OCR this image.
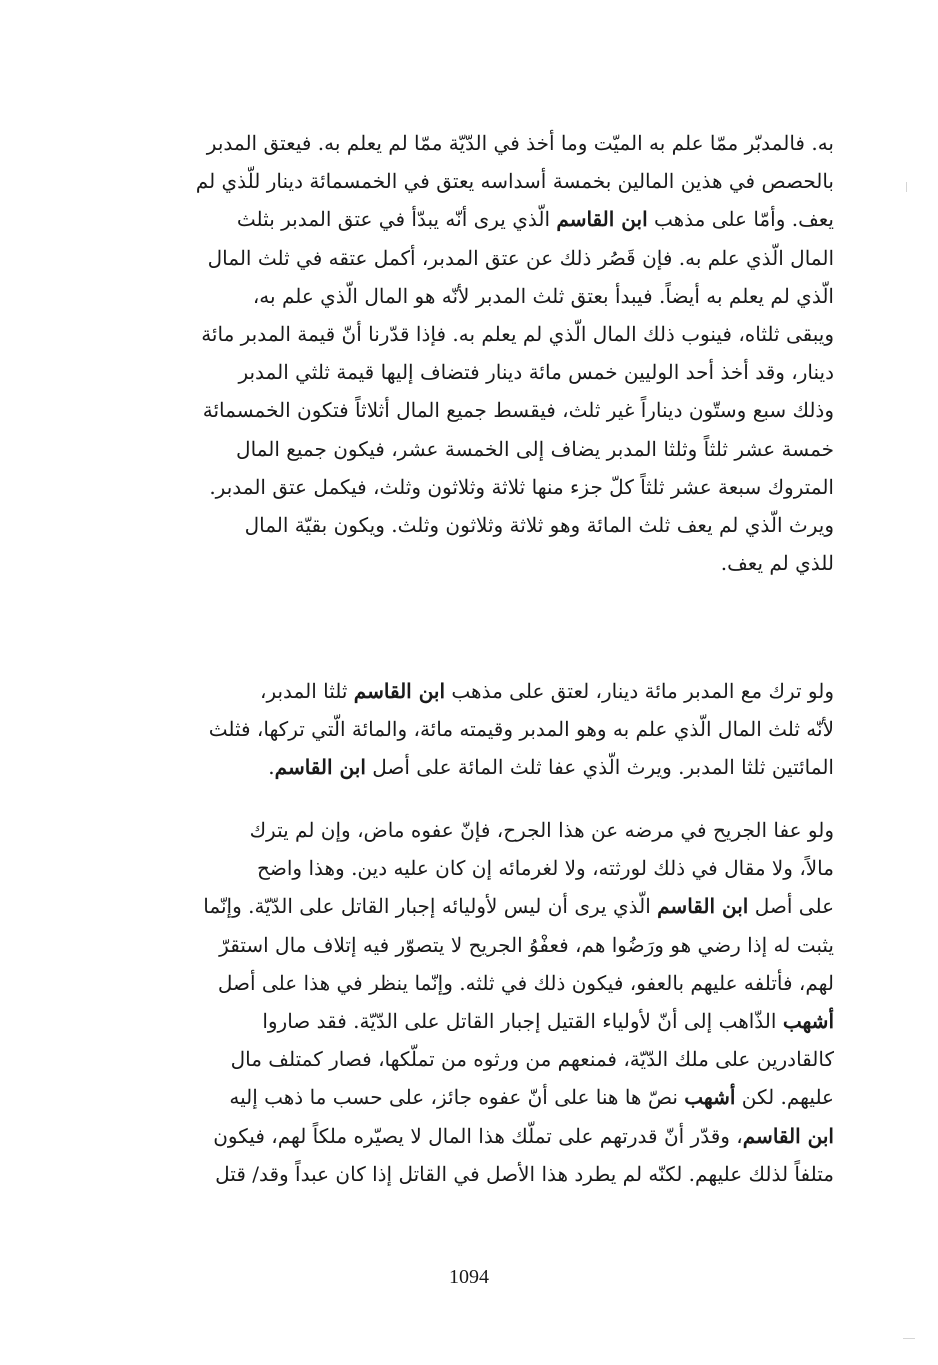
به. فالمدبّر ممّا علم به الميّت وما أخذ في الدّيّة ممّا لم يعلم به. فيعتق المدبر
بالحصص في هذين المالين بخمسة أسداسه يعتق في الخمسمائة دينار للّذي لم
يعف. وأمّا على مذهب ابن القاسم الّذي يرى أنّه يبدّأ في عتق المدبر بثلث
المال الّذي علم به. فإن قَصُر ذلك عن عتق المدبر، أكمل عتقه في ثلث المال
الّذي لم يعلم به أيضاً. فيبدأ بعتق ثلث المدبر لأنّه هو المال الّذي علم به،
ويبقى ثلثاه، فينوب ذلك المال الّذي لم يعلم به. فإذا قدّرنا أنّ قيمة المدبر مائة
دينار، وقد أخذ أحد الوليين خمس مائة دينار فتضاف إليها قيمة ثلثي المدبر
وذلك سبع وستّون ديناراً غير ثلث، فيقسط جميع المال أثلاثاً فتكون الخمسمائة
خمسة عشر ثلثاً وثلثا المدبر يضاف إلى الخمسة عشر، فيكون جميع المال
المتروك سبعة عشر ثلثاً كلّ جزء منها ثلاثة وثلاثون وثلث، فيكمل عتق المدبر.
ويرث الّذي لم يعف ثلث المائة وهو ثلاثة وثلاثون وثلث. ويكون بقيّة المال
للذي لم يعف.

ولو ترك مع المدبر مائة دينار، لعتق على مذهب ابن القاسم ثلثا المدبر،
لأنّه ثلث المال الّذي علم به وهو المدبر وقيمته مائة، والمائة الّتي تركها، فثلث
المائتين ثلثا المدبر. ويرث الّذي عفا ثلث المائة على أصل ابن القاسم.

ولو عفا الجريح في مرضه عن هذا الجرح، فإنّ عفوه ماض، وإن لم يترك
مالاً، ولا مقال في ذلك لورثته، ولا لغرمائه إن كان عليه دين. وهذا واضح
على أصل ابن القاسم الّذي يرى أن ليس لأوليائه إجبار القاتل على الدّيّة. وإنّما
يثبت له إذا رضي هو ورَضُوا هم، فعفْوُ الجريح لا يتصوّر فيه إتلاف مال استقرّ
لهم، فأتلفه عليهم بالعفو، فيكون ذلك في ثلثه. وإنّما ينظر في هذا على أصل
أشهب الذّاهب إلى أنّ لأولياء القتيل إجبار القاتل على الدّيّة. فقد صاروا
كالقادرين على ملك الدّيّة، فمنعهم من ورثوه من تملّكها، فصار كمتلف مال
عليهم. لكن أشهب نصّ ها هنا على أنّ عفوه جائز، على حسب ما ذهب إليه
ابن القاسم، وقدّر أنّ قدرتهم على تملّك هذا المال لا يصيّره ملكاً لهم، فيكون
متلفاً لذلك عليهم. لكنّه لم يطرد هذا الأصل في القاتل إذا كان عبداً وقد/ قتل

1094
